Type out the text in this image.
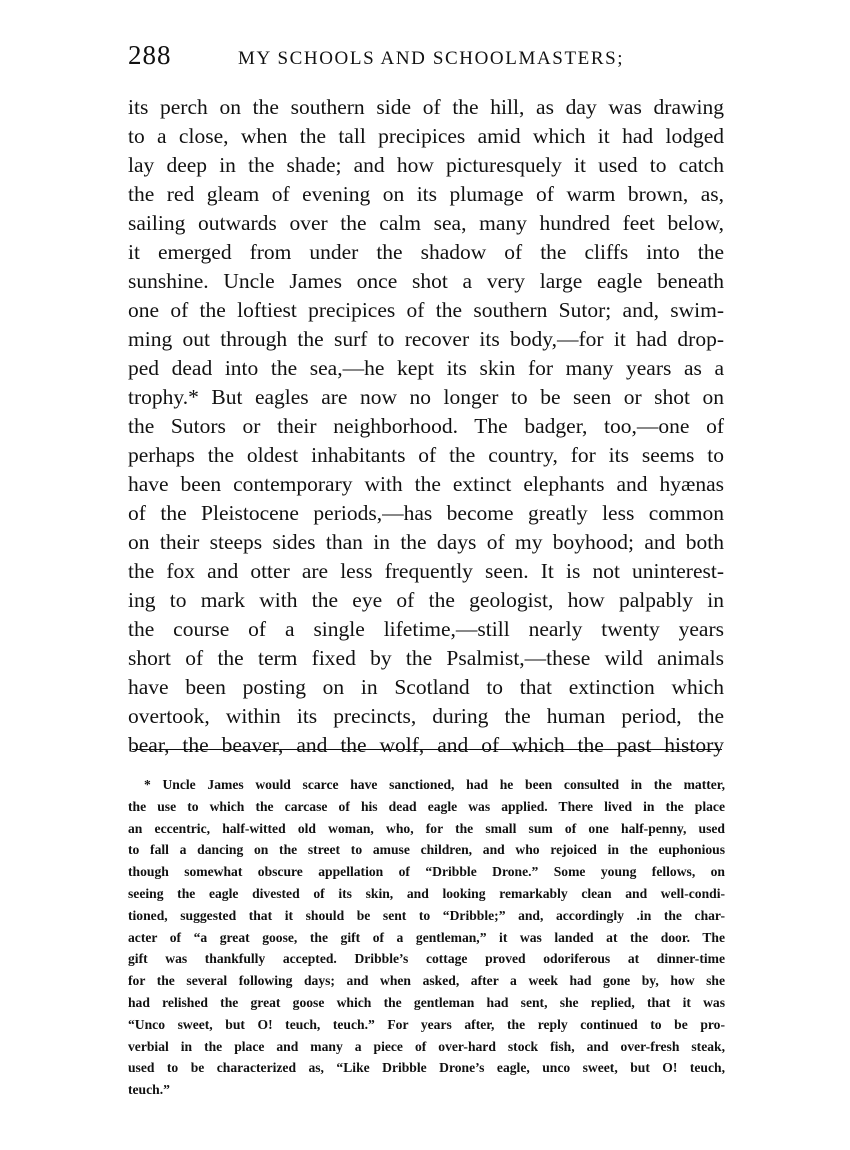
288	MY SCHOOLS AND SCHOOLMASTERS;
its perch on the southern side of the hill, as day was drawing
to a close, when the tall precipices amid which it had lodged
lay deep in the shade; and how picturesquely it used to catch
the red gleam of evening on its plumage of warm brown, as,
sailing outwards over the calm sea, many hundred feet below,
it emerged from under the shadow of the cliffs into the
sunshine. Uncle James once shot a very large eagle beneath
one of the loftiest precipices of the southern Sutor; and, swim-
ming out through the surf to recover its body,—for it had drop-
ped dead into the sea,—he kept its skin for many years as a
trophy.* But eagles are now no longer to be seen or shot on
the Sutors or their neighborhood. The badger, too,—one of
perhaps the oldest inhabitants of the country, for its seems to
have been contemporary with the extinct elephants and hyænas
of the Pleistocene periods,—has become greatly less common
on their steeps sides than in the days of my boyhood; and both
the fox and otter are less frequently seen. It is not uninterest-
ing to mark with the eye of the geologist, how palpably in
the course of a single lifetime,—still nearly twenty years
short of the term fixed by the Psalmist,—these wild animals
have been posting on in Scotland to that extinction which
overtook, within its precincts, during the human period, the
bear, the beaver, and the wolf, and of which the past history
* Uncle James would scarce have sanctioned, had he been consulted in the matter,
the use to which the carcase of his dead eagle was applied. There lived in the place
an eccentric, half-witted old woman, who, for the small sum of one half-penny, used
to fall a dancing on the street to amuse children, and who rejoiced in the euphonious
though somewhat obscure appellation of “Dribble Drone.” Some young fellows, on
seeing the eagle divested of its skin, and looking remarkably clean and well-condi-
tioned, suggested that it should be sent to “Dribble;” and, accordingly .in the char-
acter of “a great goose, the gift of a gentleman,” it was landed at the door. The
gift was thankfully accepted. Dribble’s cottage proved odoriferous at dinner-time
for the several following days; and when asked, after a week had gone by, how she
had relished the great goose which the gentleman had sent, she replied, that it was
“Unco sweet, but O! teuch, teuch.” For years after, the reply continued to be pro-
verbial in the place and many a piece of over-hard stock fish, and over-fresh steak,
used to be characterized as, “Like Dribble Drone’s eagle, unco sweet, but O! teuch,
teuch.”
